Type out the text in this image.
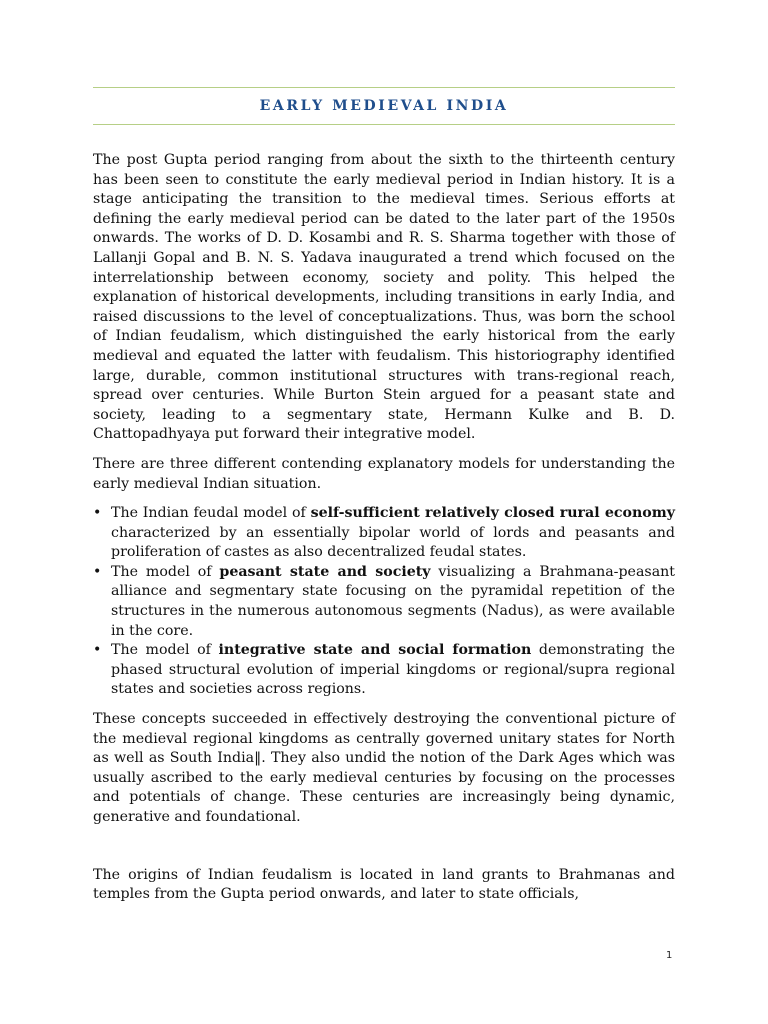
EARLY MEDIEVAL INDIA

The post Gupta period ranging from about the sixth to the thirteenth century has been seen to constitute the early medieval period in Indian history. It is a stage anticipating the transition to the medieval times. Serious efforts at defining the early medieval period can be dated to the later part of the 1950s onwards. The works of D. D. Kosambi and R. S. Sharma together with those of Lallanji Gopal and B. N. S. Yadava inaugurated a trend which focused on the interrelationship between economy, society and polity. This helped the explanation of historical developments, including transitions in early India, and raised discussions to the level of conceptualizations. Thus, was born the school of Indian feudalism, which distinguished the early historical from the early medieval and equated the latter with feudalism. This historiography identified large, durable, common institutional structures with trans-regional reach, spread over centuries. While Burton Stein argued for a peasant state and society, leading to a segmentary state, Hermann Kulke and B. D. Chattopadhyaya put forward their integrative model.

There are three different contending explanatory models for understanding the early medieval Indian situation.

• The Indian feudal model of self-sufficient relatively closed rural economy characterized by an essentially bipolar world of lords and peasants and proliferation of castes as also decentralized feudal states.
• The model of peasant state and society visualizing a Brahmana-peasant alliance and segmentary state focusing on the pyramidal repetition of the structures in the numerous autonomous segments (Nadus), as were available in the core.
• The model of integrative state and social formation demonstrating the phased structural evolution of imperial kingdoms or regional/supra regional states and societies across regions.

These concepts succeeded in effectively destroying the conventional picture of the medieval regional kingdoms as centrally governed unitary states for North as well as South India‖. They also undid the notion of the Dark Ages which was usually ascribed to the early medieval centuries by focusing on the processes and potentials of change. These centuries are increasingly being dynamic, generative and foundational.

The origins of Indian feudalism is located in land grants to Brahmanas and temples from the Gupta period onwards, and later to state officials,

1
